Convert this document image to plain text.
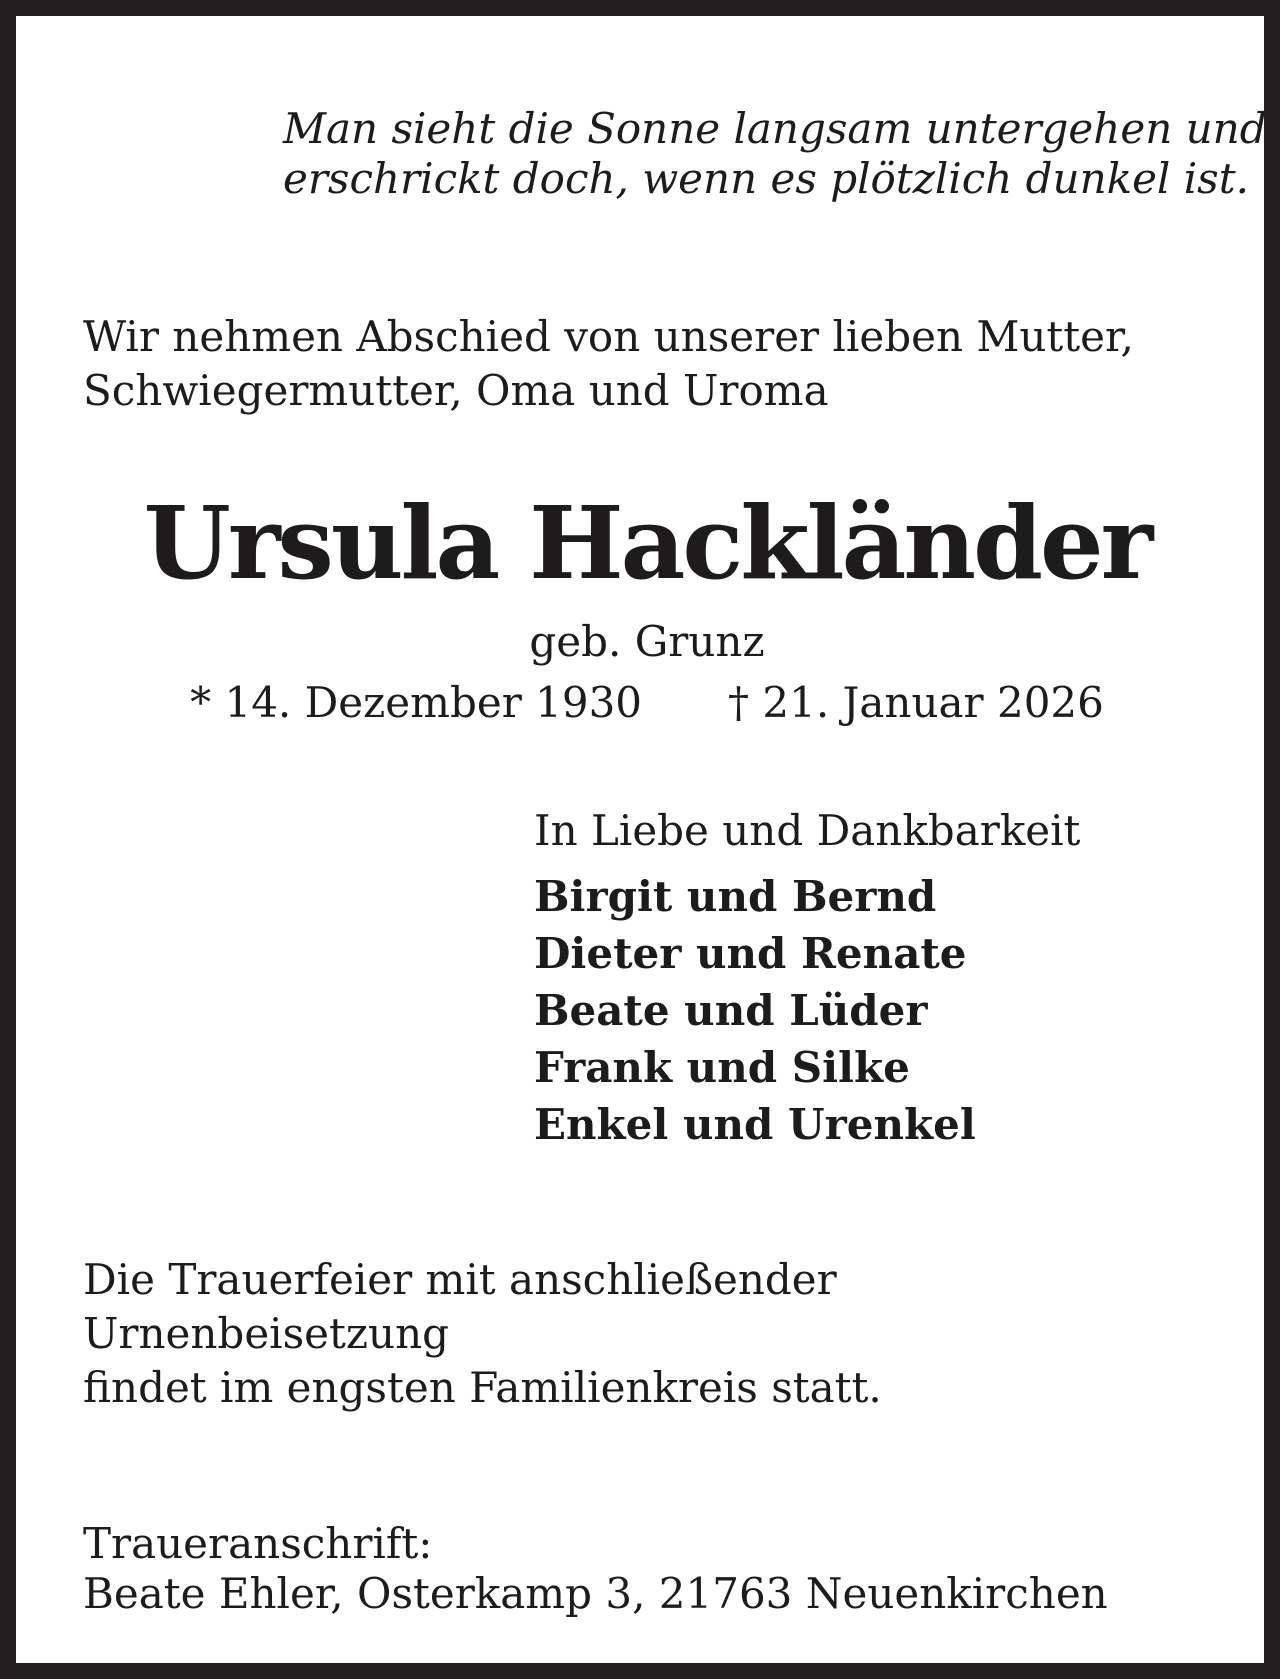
Man sieht die Sonne langsam untergehen und
erschrickt doch, wenn es plötzlich dunkel ist.
Wir nehmen Abschied von unserer lieben Mutter,
Schwiegermutter, Oma und Uroma
Ursula Hackländer
geb. Grunz
* 14. Dezember 1930 † 21. Januar 2026
In Liebe und Dankbarkeit
Birgit und Bernd
Dieter und Renate
Beate und Lüder
Frank und Silke
Enkel und Urenkel
Die Trauerfeier mit anschließender Urnenbeisetzung
findet im engsten Familienkreis statt.
Traueranschrift:
Beate Ehler, Osterkamp 3, 21763 Neuenkirchen
